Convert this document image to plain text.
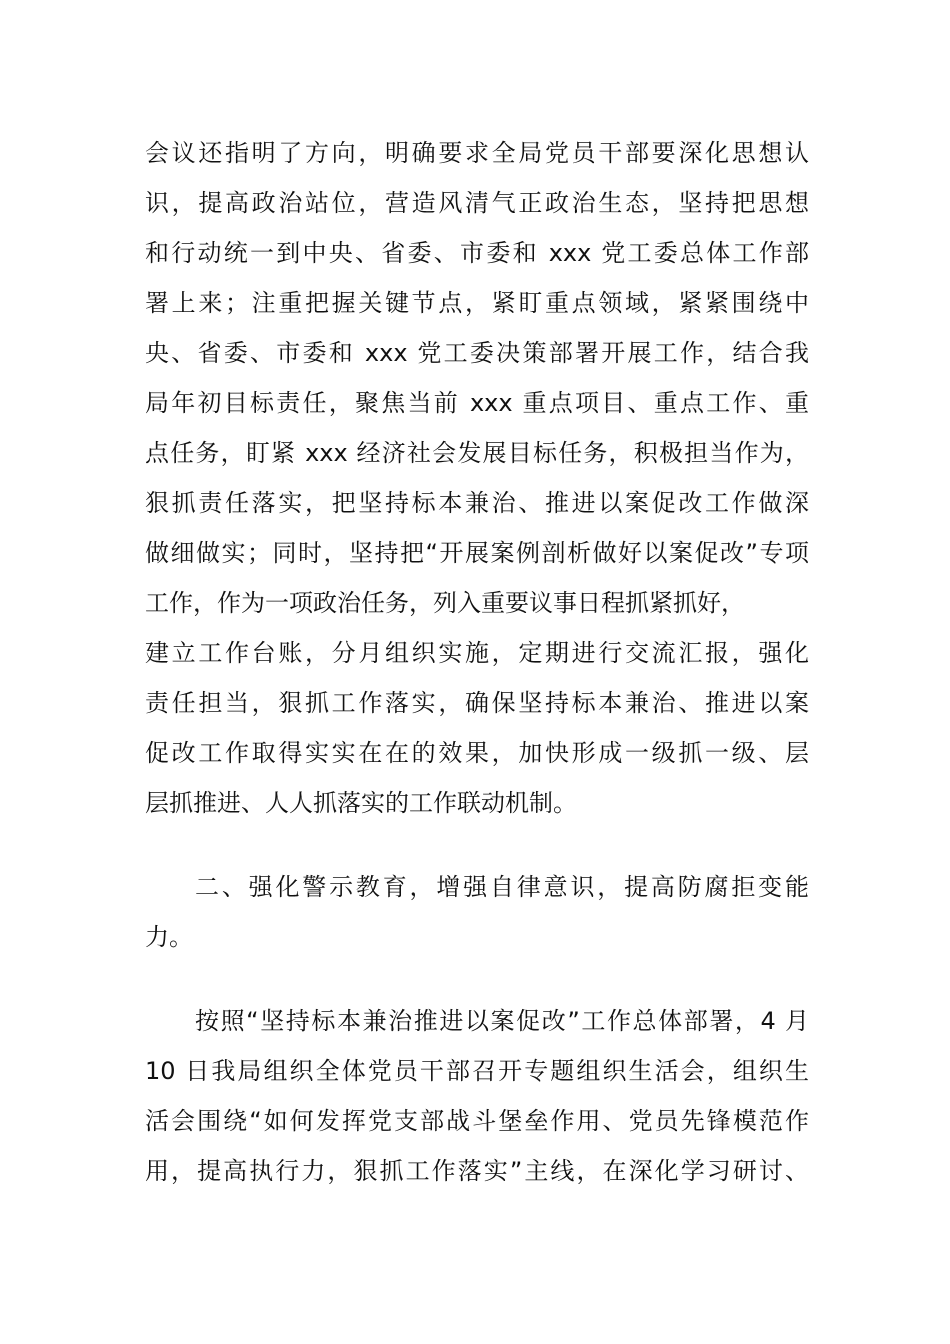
会议还指明了方向，明确要求全局党员干部要深化思想认
识，提高政治站位，营造风清气正政治生态，坚持把思想
和行动统一到中央、省委、市委和 xxx 党工委总体工作部
署上来；注重把握关键节点，紧盯重点领域，紧紧围绕中
央、省委、市委和 xxx 党工委决策部署开展工作，结合我
局年初目标责任，聚焦当前 xxx 重点项目、重点工作、重
点任务，盯紧 xxx 经济社会发展目标任务，积极担当作为，
狠抓责任落实，把坚持标本兼治、推进以案促改工作做深
做细做实；同时，坚持把“开展案例剖析做好以案促改”专项
工作，作为一项政治任务，列入重要议事日程抓紧抓好，
建立工作台账，分月组织实施，定期进行交流汇报，强化
责任担当，狠抓工作落实，确保坚持标本兼治、推进以案
促改工作取得实实在在的效果，加快形成一级抓一级、层
层抓推进、人人抓落实的工作联动机制。
二、强化警示教育，增强自律意识，提高防腐拒变能
力。
按照“坚持标本兼治推进以案促改”工作总体部署，4 月
10 日我局组织全体党员干部召开专题组织生活会，组织生
活会围绕“如何发挥党支部战斗堡垒作用、党员先锋模范作
用，提高执行力，狠抓工作落实”主线，在深化学习研讨、
